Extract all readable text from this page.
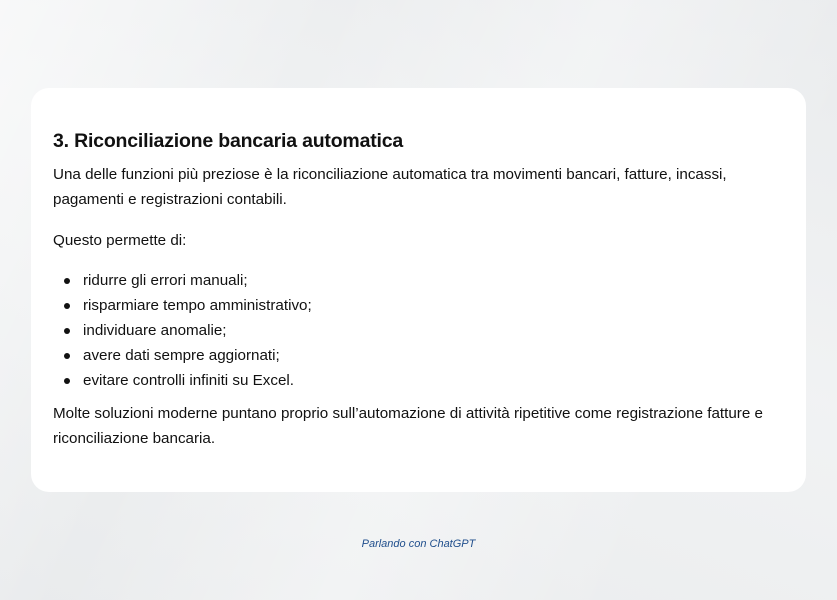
3. Riconciliazione bancaria automatica

Una delle funzioni più preziose è la riconciliazione automatica tra movimenti bancari, fatture, incassi, pagamenti e registrazioni contabili.

Questo permette di:

ridurre gli errori manuali;
risparmiare tempo amministrativo;
individuare anomalie;
avere dati sempre aggiornati;
evitare controlli infiniti su Excel.

Molte soluzioni moderne puntano proprio sull’automazione di attività ripetitive come registrazione fatture e riconciliazione bancaria.

Parlando con ChatGPT
